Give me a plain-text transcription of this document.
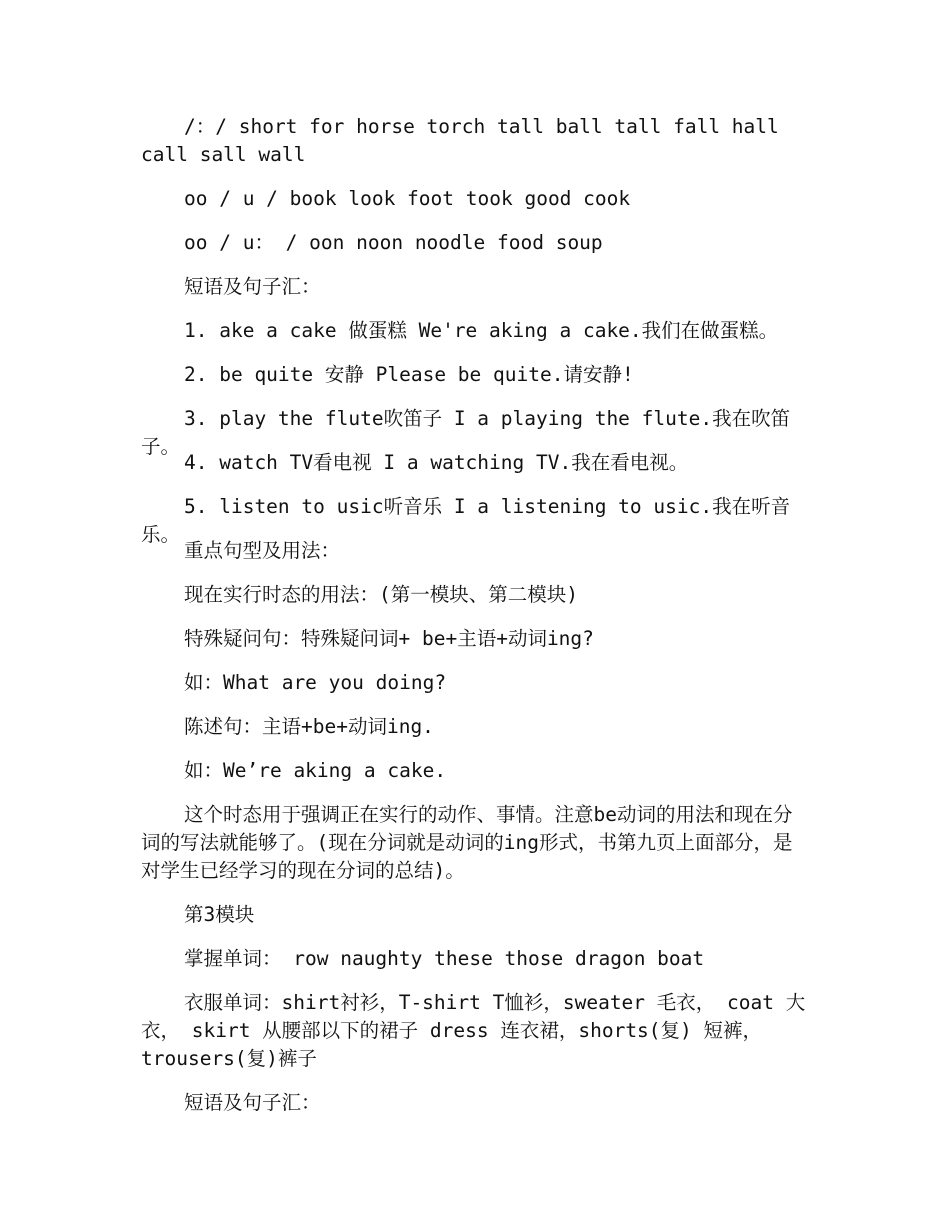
/：/ short for horse torch tall ball tall fall hall call sall wall
oo / u / book look foot took good cook
oo / u： / oon noon noodle food soup
短语及句子汇：
1. ake a cake 做蛋糕 We're aking a cake.我们在做蛋糕。
2. be quite 安静 Please be quite.请安静!
3. play the flute吹笛子 I a playing the flute.我在吹笛子。
4. watch TV看电视 I a watching TV.我在看电视。
5. listen to usic听音乐 I a listening to usic.我在听音乐。
重点句型及用法：
现在实行时态的用法：(第一模块、第二模块)
特殊疑问句：特殊疑问词+ be+主语+动词ing?
如：What are you doing?
陈述句：主语+be+动词ing.
如：We’re aking a cake.
这个时态用于强调正在实行的动作、事情。注意be动词的用法和现在分词的写法就能够了。(现在分词就是动词的ing形式，书第九页上面部分，是对学生已经学习的现在分词的总结)。
第3模块
掌握单词： row naughty these those dragon boat
衣服单词：shirt衬衫，T-shirt T恤衫，sweater 毛衣， coat 大衣， skirt 从腰部以下的裙子 dress 连衣裙，shorts(复) 短裤，trousers(复)裤子
短语及句子汇：
